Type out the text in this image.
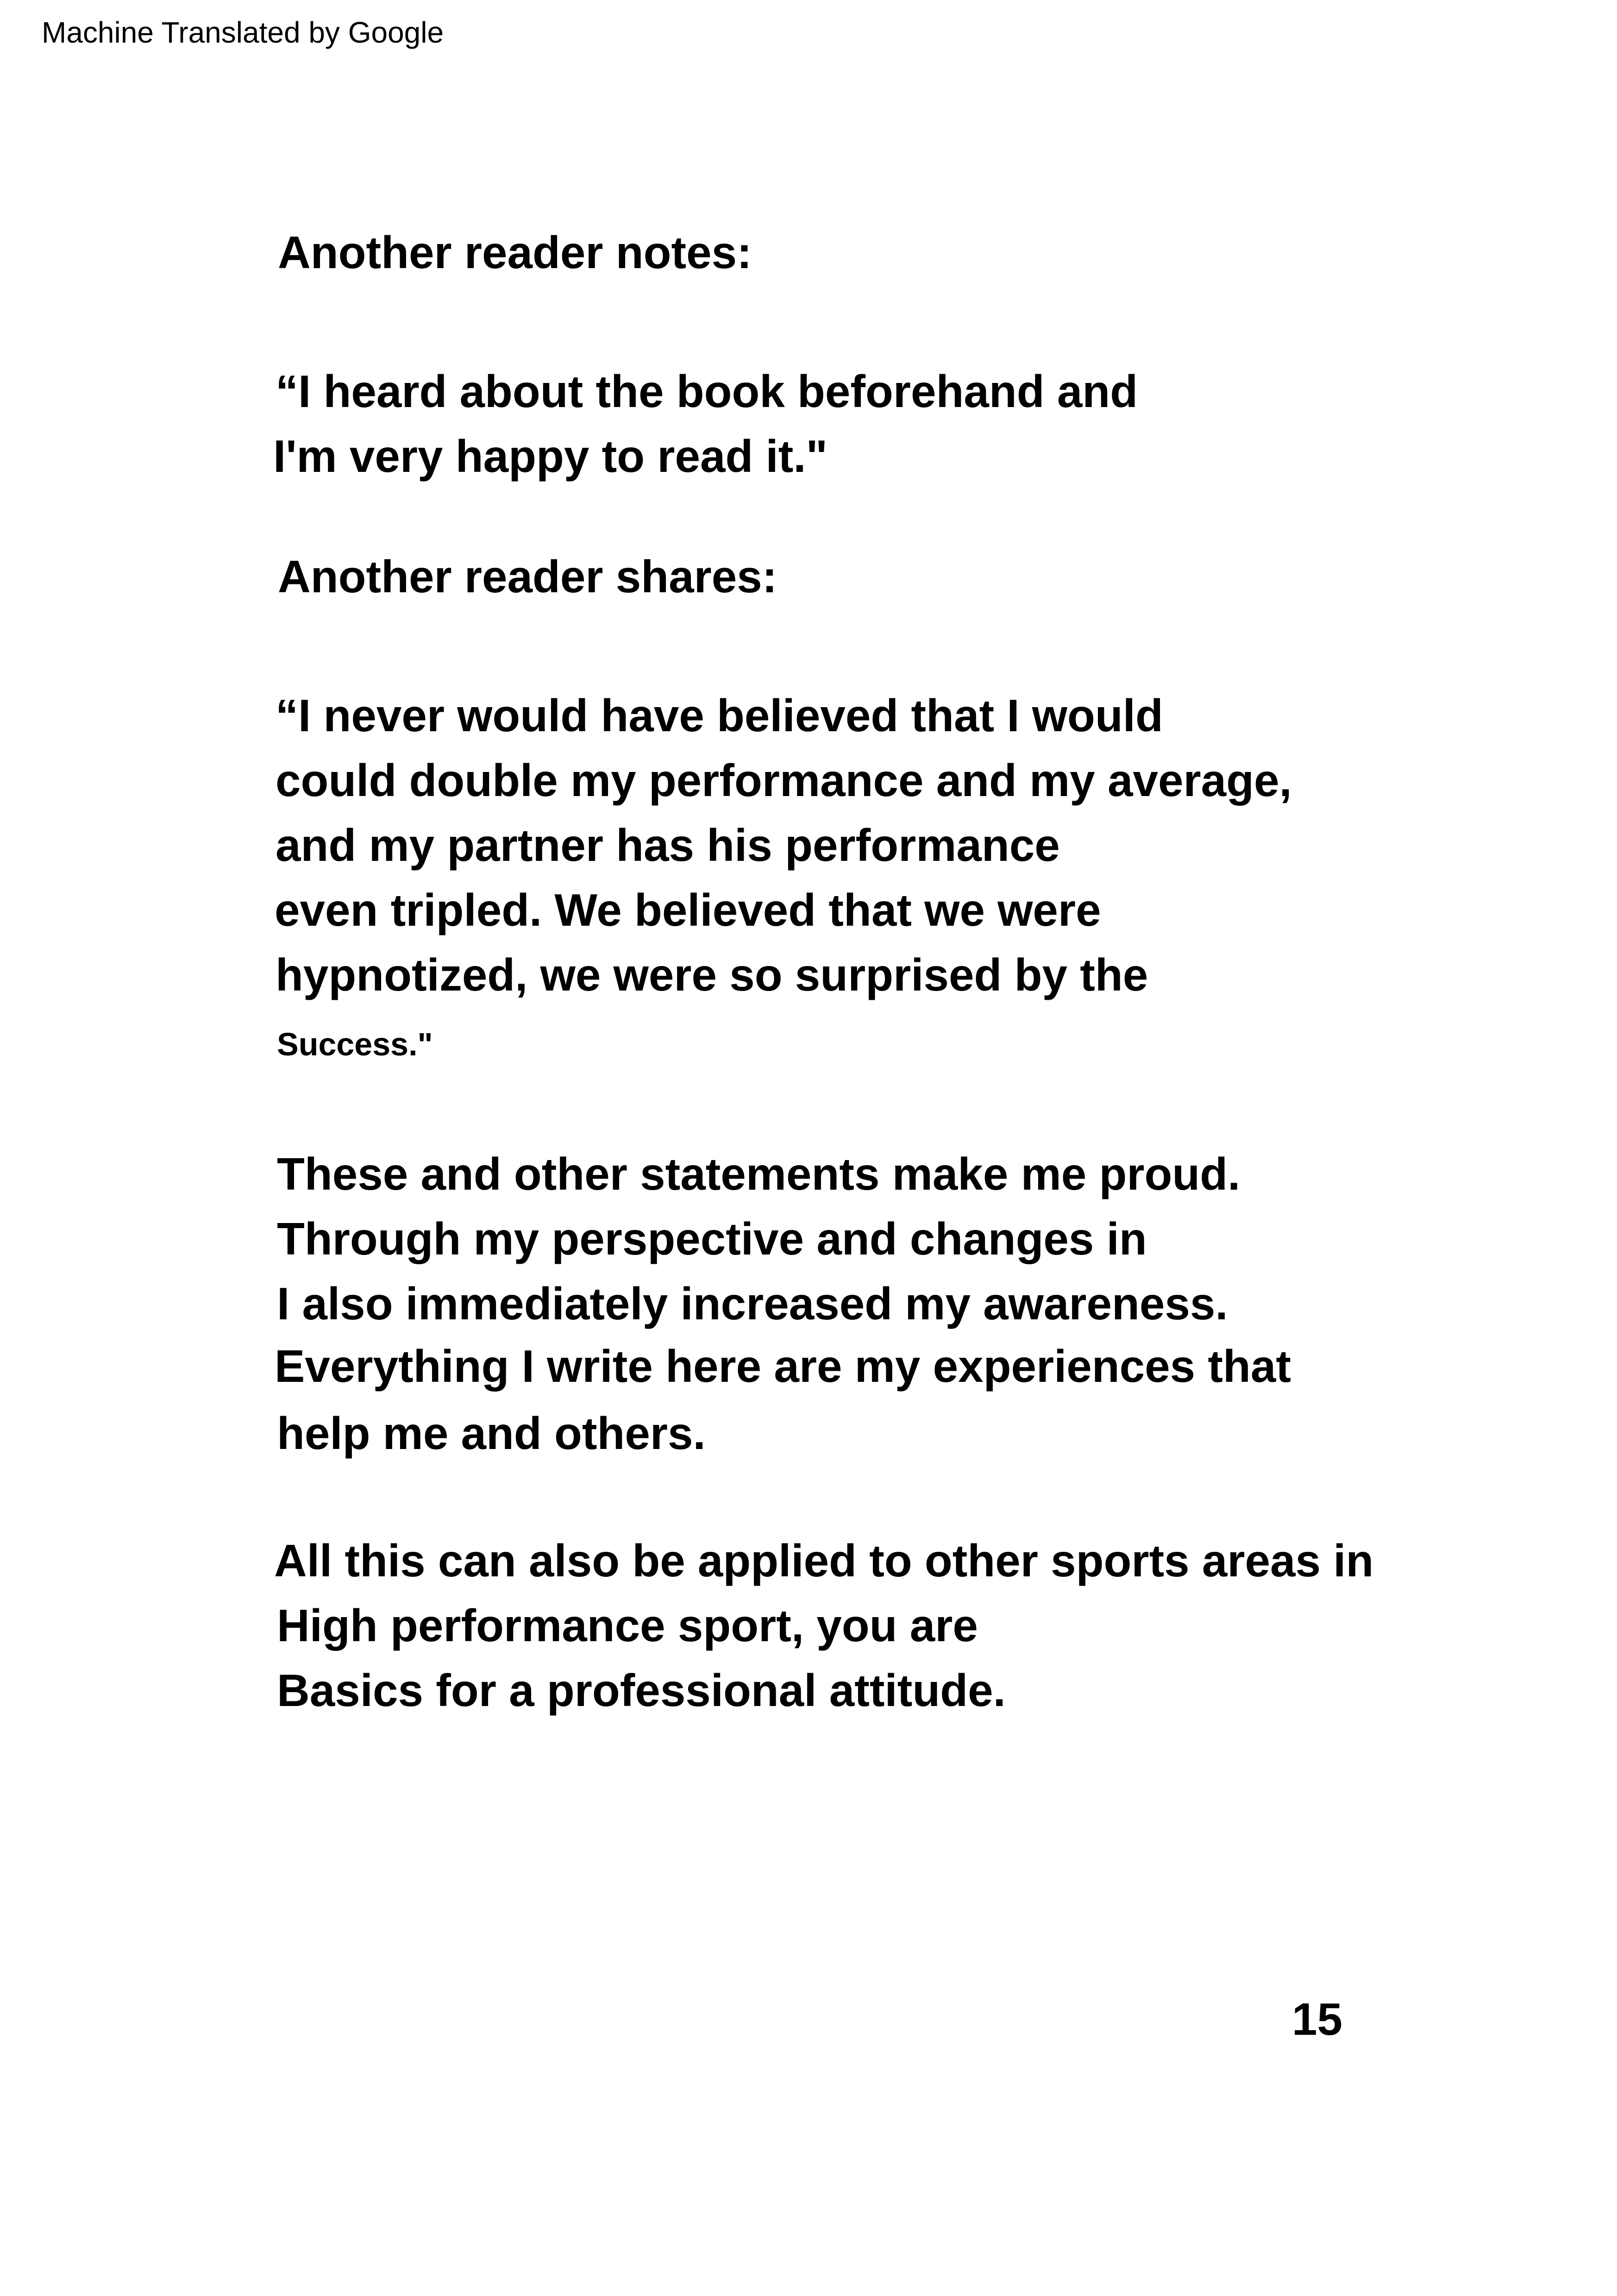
Machine Translated by Google
Another reader notes:
“I heard about the book beforehand and
I'm very happy to read it."
Another reader shares:
“I never would have believed that I would
could double my performance and my average,
and my partner has his performance
even tripled. We believed that we were
hypnotized, we were so surprised by the
Success."
These and other statements make me proud.
Through my perspective and changes in
I also immediately increased my awareness.
Everything I write here are my experiences that
help me and others.
All this can also be applied to other sports areas in
High performance sport, you are
Basics for a professional attitude.
15
